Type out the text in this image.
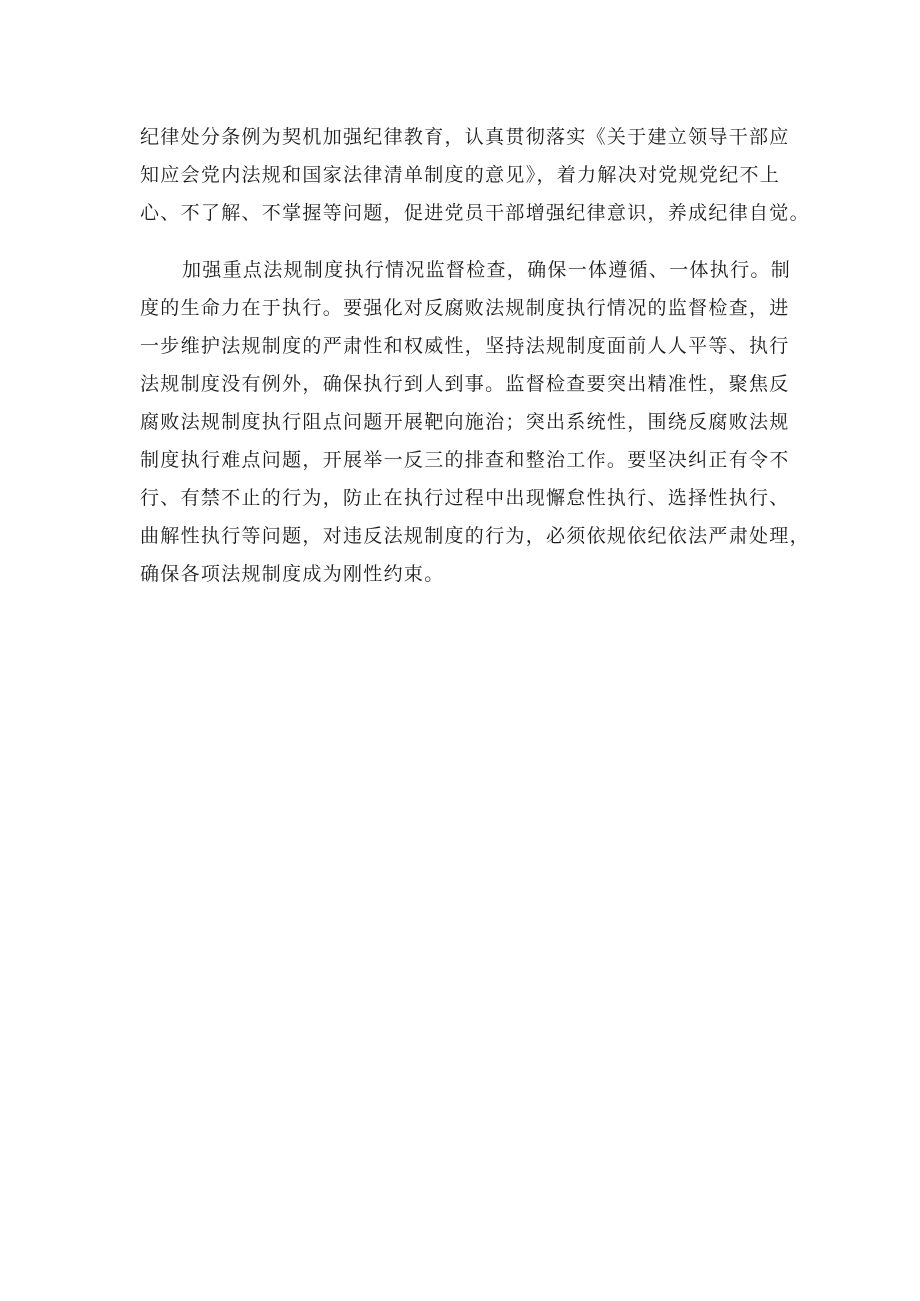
纪律处分条例为契机加强纪律教育，认真贯彻落实《关于建立领导干部应
知应会党内法规和国家法律清单制度的意见》，着力解决对党规党纪不上
心、不了解、不掌握等问题，促进党员干部增强纪律意识，养成纪律自觉。

加强重点法规制度执行情况监督检查，确保一体遵循、一体执行。制
度的生命力在于执行。要强化对反腐败法规制度执行情况的监督检查，进
一步维护法规制度的严肃性和权威性，坚持法规制度面前人人平等、执行
法规制度没有例外，确保执行到人到事。监督检查要突出精准性，聚焦反
腐败法规制度执行阻点问题开展靶向施治；突出系统性，围绕反腐败法规
制度执行难点问题，开展举一反三的排查和整治工作。要坚决纠正有令不
行、有禁不止的行为，防止在执行过程中出现懈怠性执行、选择性执行、
曲解性执行等问题，对违反法规制度的行为，必须依规依纪依法严肃处理，
确保各项法规制度成为刚性约束。
